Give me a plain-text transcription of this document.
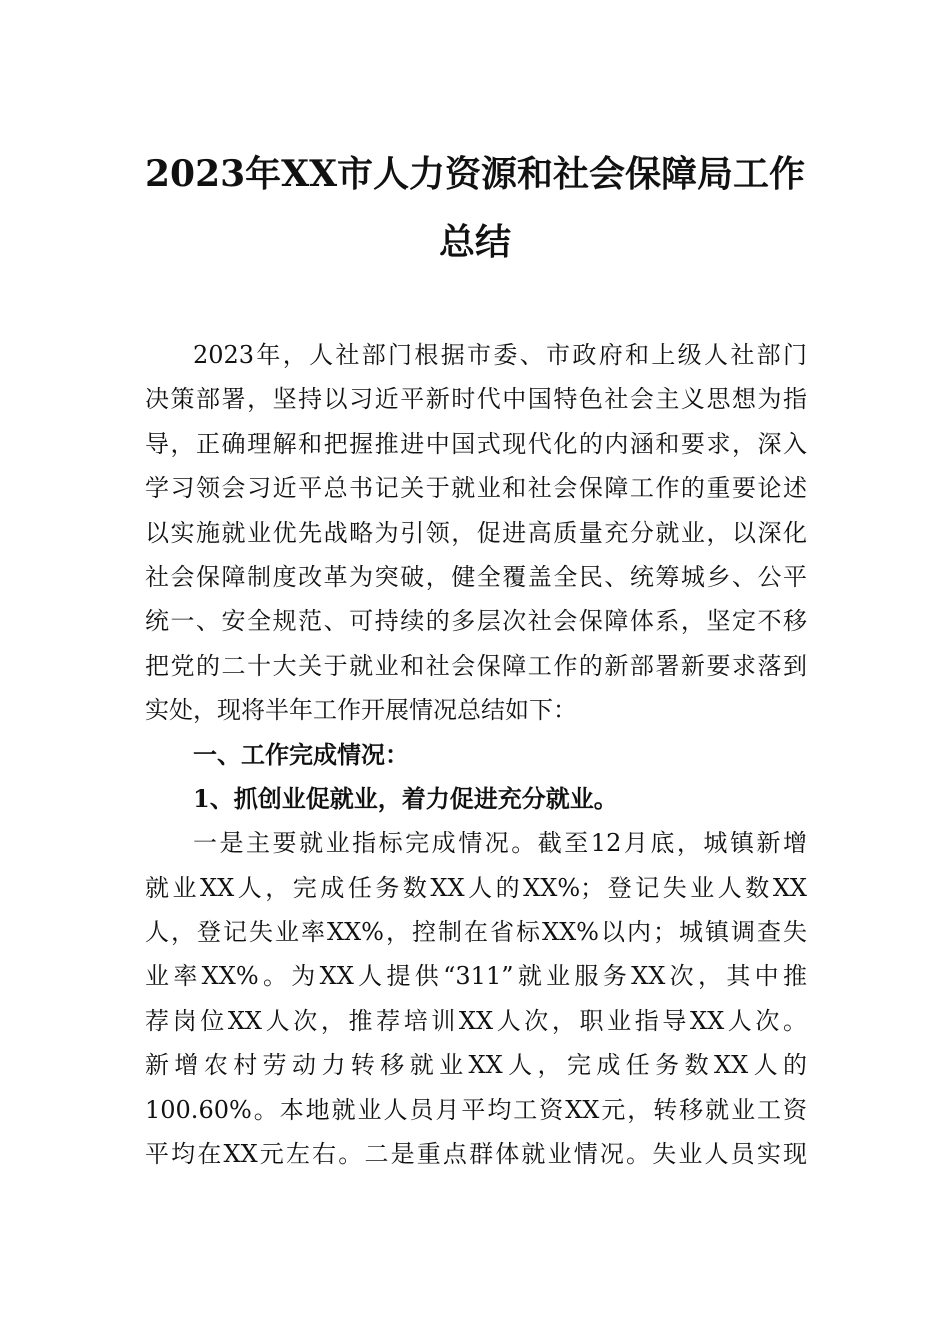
2023年XX市人力资源和社会保障局工作
总结
2023年，人社部门根据市委、市政府和上级人社部门
决策部署，坚持以习近平新时代中国特色社会主义思想为指
导，正确理解和把握推进中国式现代化的内涵和要求，深入
学习领会习近平总书记关于就业和社会保障工作的重要论述
以实施就业优先战略为引领，促进高质量充分就业，以深化
社会保障制度改革为突破，健全覆盖全民、统筹城乡、公平
统一、安全规范、可持续的多层次社会保障体系，坚定不移
把党的二十大关于就业和社会保障工作的新部署新要求落到
实处，现将半年工作开展情况总结如下：
一、工作完成情况：
1、抓创业促就业，着力促进充分就业。
一是主要就业指标完成情况。截至12月底，城镇新增
就业XX人，完成任务数XX人的XX%；登记失业人数XX
人，登记失业率XX%，控制在省标XX%以内；城镇调查失
业率XX%。为XX人提供“311”就业服务XX次，其中推
荐岗位XX人次，推荐培训XX人次，职业指导XX人次。
新增农村劳动力转移就业XX人，完成任务数XX人的
100.60%。本地就业人员月平均工资XX元，转移就业工资
平均在XX元左右。二是重点群体就业情况。失业人员实现
